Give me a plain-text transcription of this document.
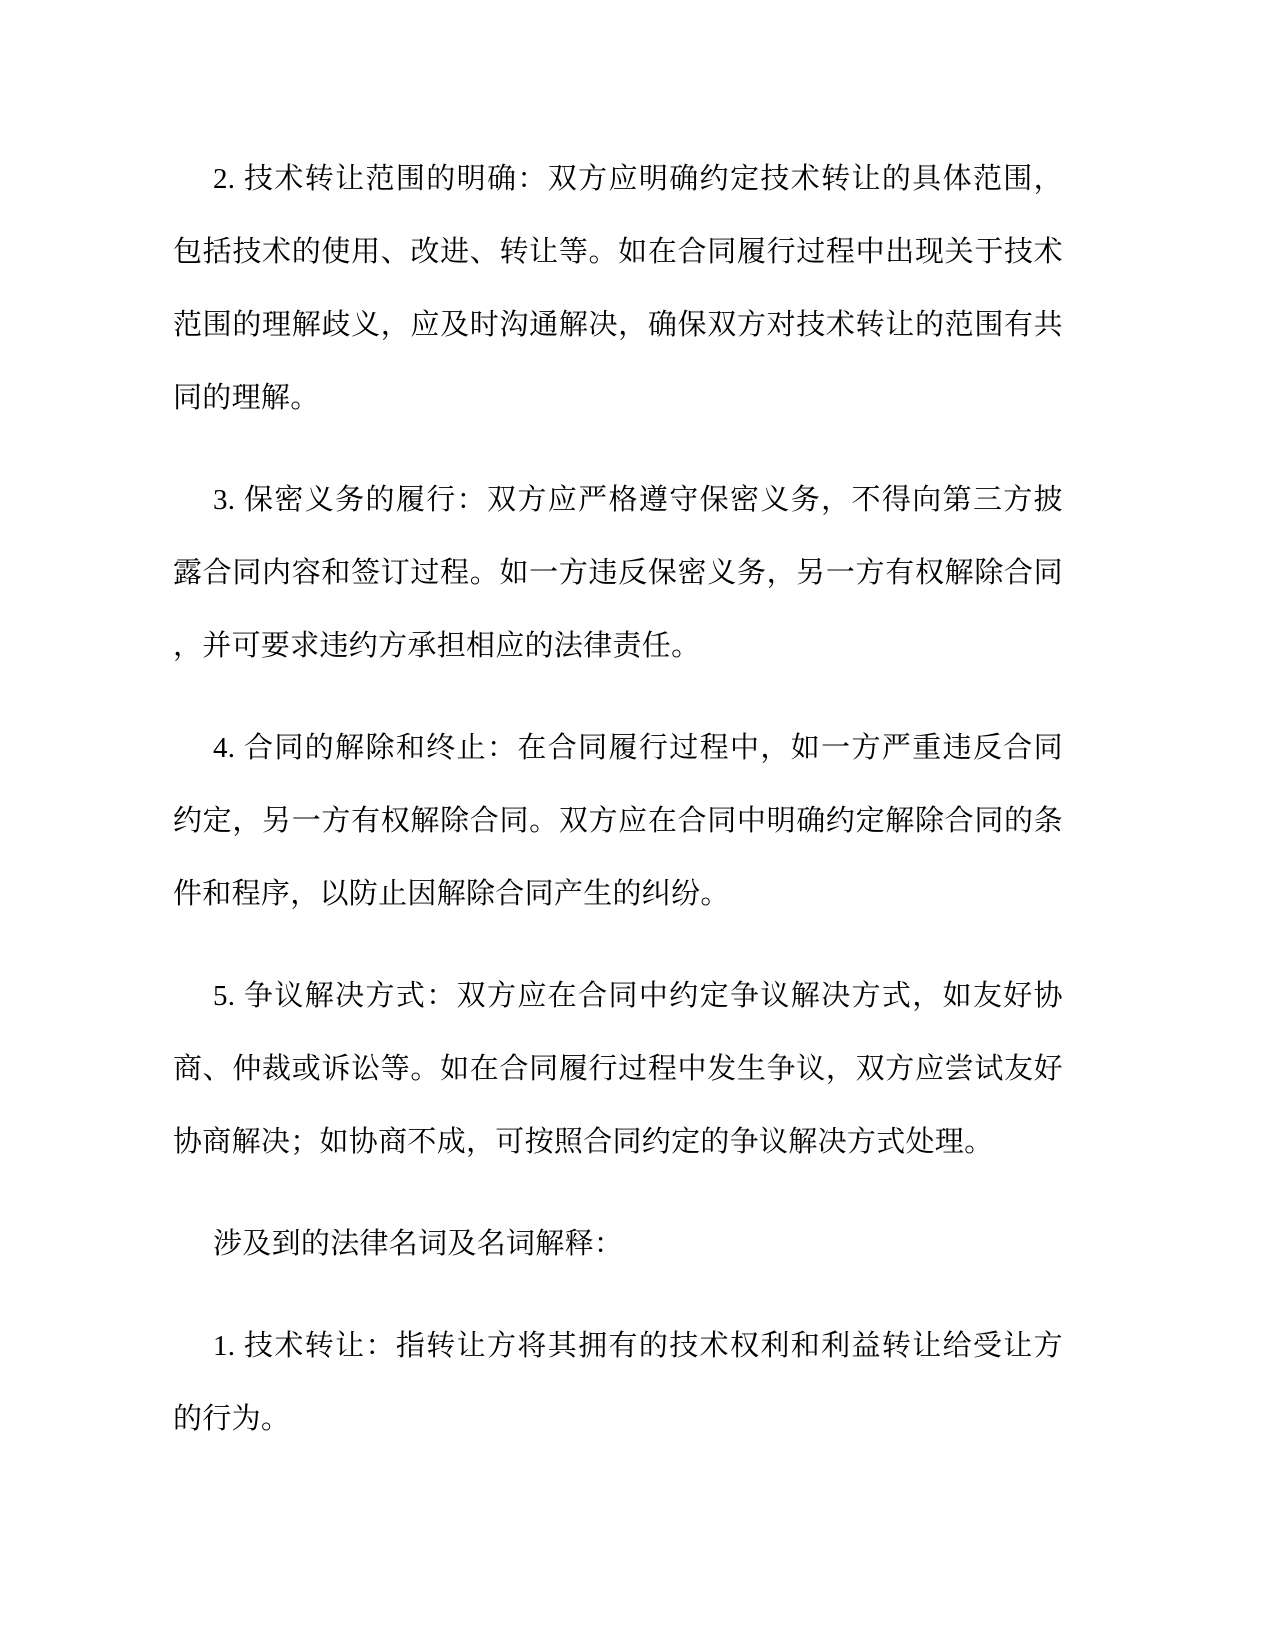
2. 技术转让范围的明确：双方应明确约定技术转让的具体范围，
包括技术的使用、改进、转让等。如在合同履行过程中出现关于技术
范围的理解歧义，应及时沟通解决，确保双方对技术转让的范围有共
同的理解。
3. 保密义务的履行：双方应严格遵守保密义务，不得向第三方披
露合同内容和签订过程。如一方违反保密义务，另一方有权解除合同
，并可要求违约方承担相应的法律责任。
4. 合同的解除和终止：在合同履行过程中，如一方严重违反合同
约定，另一方有权解除合同。双方应在合同中明确约定解除合同的条
件和程序，以防止因解除合同产生的纠纷。
5. 争议解决方式：双方应在合同中约定争议解决方式，如友好协
商、仲裁或诉讼等。如在合同履行过程中发生争议，双方应尝试友好
协商解决；如协商不成，可按照合同约定的争议解决方式处理。
涉及到的法律名词及名词解释：
1. 技术转让：指转让方将其拥有的技术权利和利益转让给受让方
的行为。
